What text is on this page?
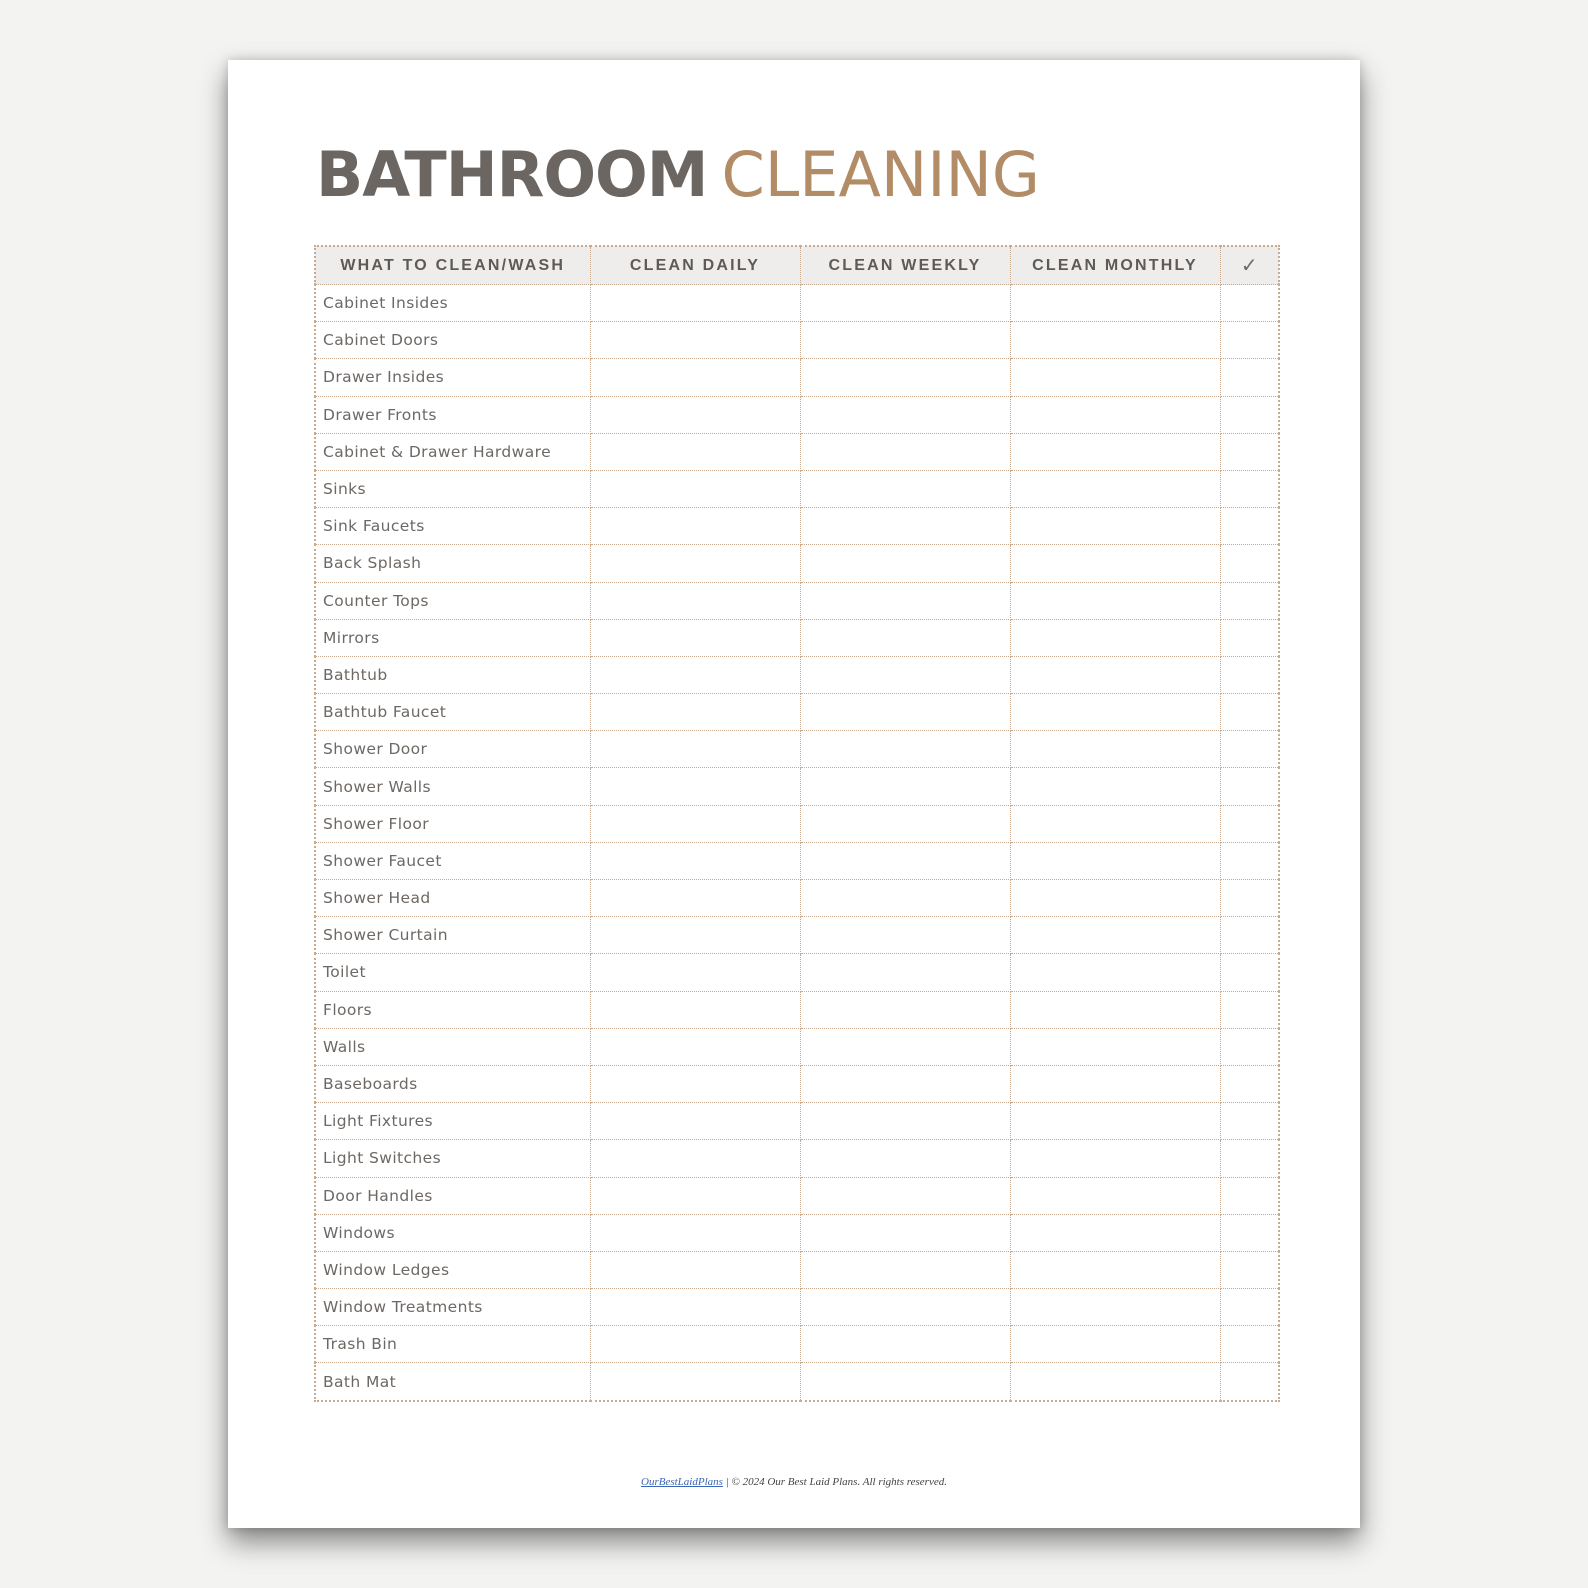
BATHROOM CLEANING
WHAT TO CLEAN/WASH	CLEAN DAILY	CLEAN WEEKLY	CLEAN MONTHLY	✓
Cabinet Insides				
Cabinet Doors				
Drawer Insides				
Drawer Fronts				
Cabinet & Drawer Hardware				
Sinks				
Sink Faucets				
Back Splash				
Counter Tops				
Mirrors				
Bathtub				
Bathtub Faucet				
Shower Door				
Shower Walls				
Shower Floor				
Shower Faucet				
Shower Head				
Shower Curtain				
Toilet				
Floors				
Walls				
Baseboards				
Light Fixtures				
Light Switches				
Door Handles				
Windows				
Window Ledges				
Window Treatments				
Trash Bin				
Bath Mat				
OurBestLaidPlans | © 2024 Our Best Laid Plans. All rights reserved.
